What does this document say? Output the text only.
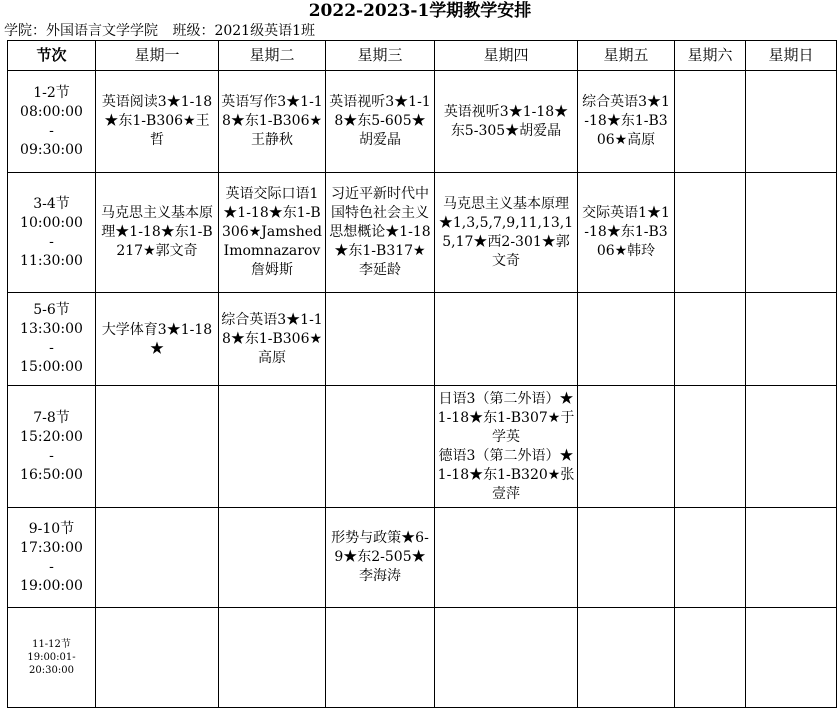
2022-2023-1学期教学安排
学院：外国语言文学学院 班级：2021级英语1班
节次	星期一	星期二	星期三	星期四	星期五	星期六	星期日

1-2节
08:00:00
-
09:30:00	英语阅读3★1-18★东1-B306★王哲	英语写作3★1-18★东1-B306★王静秋	英语视听3★1-18★东5-605★胡爱晶	英语视听3★1-18★东5-305★胡爱晶	综合英语3★1-18★东1-B306★高原		

3-4节
10:00:00
-
11:30:00	马克思主义基本原理★1-18★东1-B217★郭文奇	英语交际口语1★1-18★东1-B306★Jamshed Imomnazarov詹姆斯	习近平新时代中国特色社会主义思想概论★1-18★东1-B317★李延龄	马克思主义基本原理★1,3,5,7,9,11,13,15,17★西2-301★郭文奇	交际英语1★1-18★东1-B306★韩玲		

5-6节
13:30:00
-
15:00:00	大学体育3★1-18★	综合英语3★1-18★东1-B306★高原					

7-8节
15:20:00
-
16:50:00				日语3（第二外语）★1-18★东1-B307★于学英
德语3（第二外语）★1-18★东1-B320★张壹萍			

9-10节
17:30:00
-
19:00:00			形势与政策★6-9★东2-505★李海涛				

11-12节
19:00:01-
20:30:00							
